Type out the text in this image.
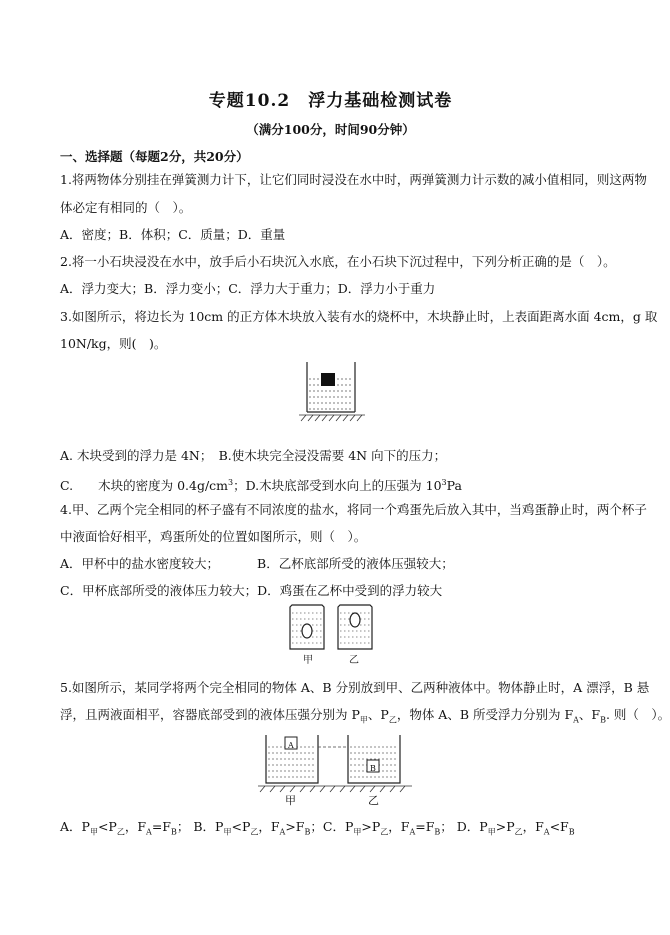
专题10.2　浮力基础检测试卷
（满分100分，时间90分钟）
一、选择题（每题2分，共20分）
1.将两物体分别挂在弹簧测力计下，让它们同时浸没在水中时，两弹簧测力计示数的减小值相同，则这两物
体必定有相同的（　）。
A．密度；B．体积；C．质量；D．重量
2.将一小石块浸没在水中，放手后小石块沉入水底，在小石块下沉过程中，下列分析正确的是（　）。
A．浮力变大；B．浮力变小；C．浮力大于重力；D．浮力小于重力
3.如图所示，将边长为 10cm 的正方体木块放入装有水的烧杯中，木块静止时，上表面距离水面 4cm，g 取
10N/kg，则(　)。
A. 木块受到的浮力是 4N；　B.使木块完全浸没需要 4N 向下的压力；
C.　　木块的密度为 $0.4g/cm^3$；D.木块底部受到水向上的压强为 $10^3Pa$
4.甲、乙两个完全相同的杯子盛有不同浓度的盐水，将同一个鸡蛋先后放入其中，当鸡蛋静止时，两个杯子
中液面恰好相平，鸡蛋所处的位置如图所示，则（　）。
A．甲杯中的盐水密度较大；	B．乙杯底部所受的液体压强较大；
C．甲杯底部所受的液体压力较大；D．鸡蛋在乙杯中受到的浮力较大
甲	乙
5.如图所示，某同学将两个完全相同的物体 A、B 分别放到甲、乙两种液体中。物体静止时，A 漂浮，B 悬
浮，且两液面相平，容器底部受到的液体压强分别为 $P_甲$、$P_乙$，物体 A、B 所受浮力分别为 $F_A$、$F_B$. 则（　）。
A
B
甲	乙
A．$P_甲<P_乙$，$F_A=F_B$； B．$P_甲<P_乙$，$F_A>F_B$；C．$P_甲>P_乙$，$F_A=F_B$； D．$P_甲>P_乙$，$F_A<F_B$
